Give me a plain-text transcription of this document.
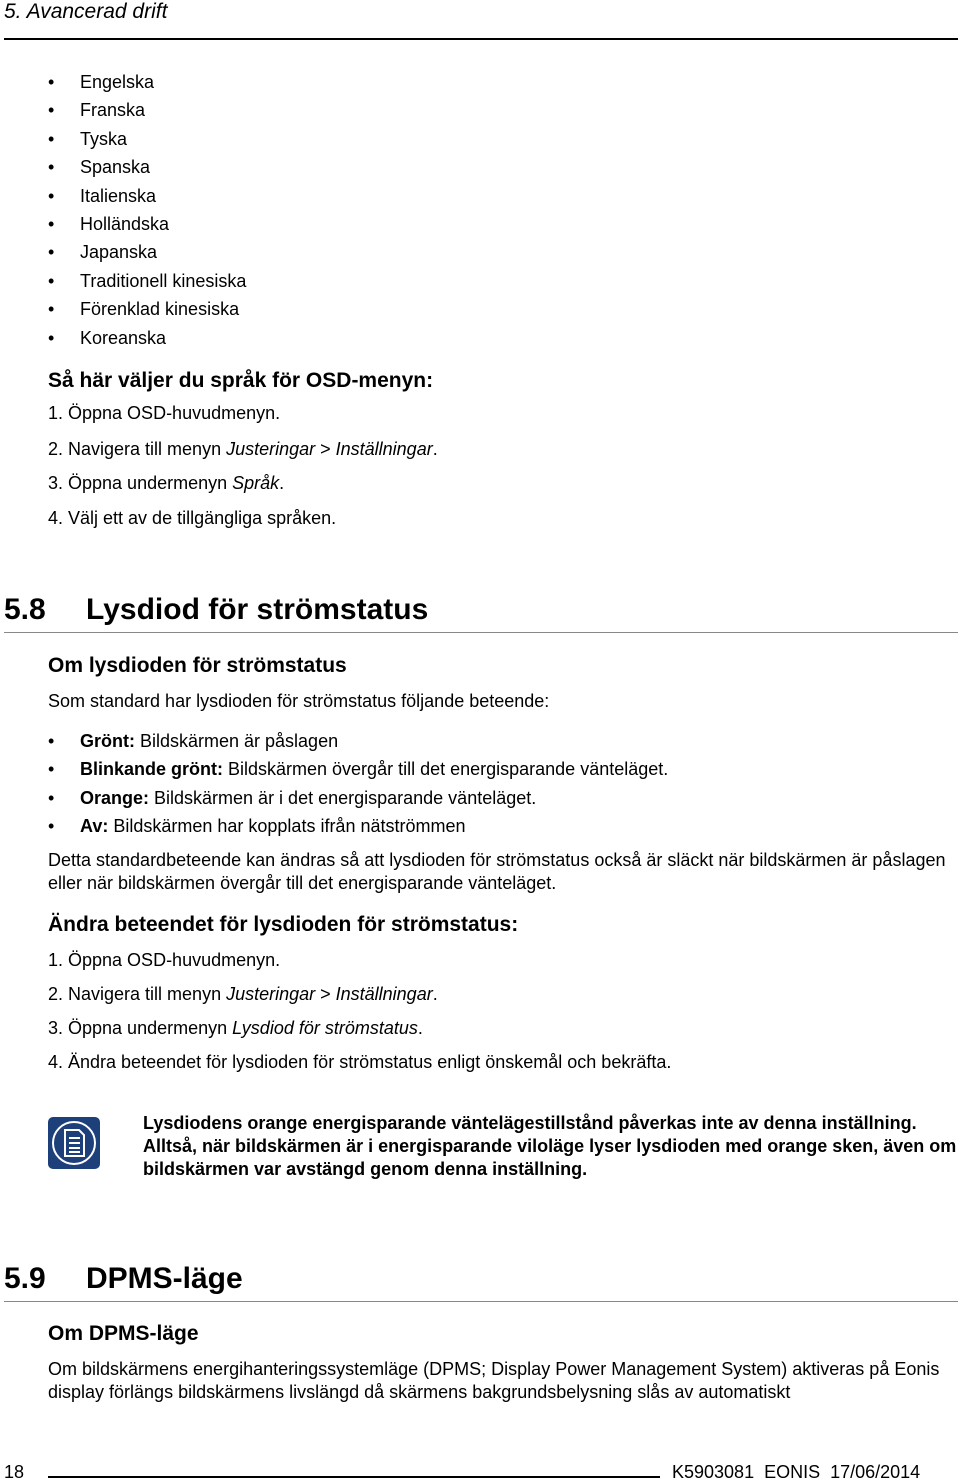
5. Avancerad drift
• Engelska
• Franska
• Tyska
• Spanska
• Italienska
• Holländska
• Japanska
• Traditionell kinesiska
• Förenklad kinesiska
• Koreanska
Så här väljer du språk för OSD-menyn:
1. Öppna OSD-huvudmenyn.
2. Navigera till menyn Justeringar > Inställningar.
3. Öppna undermenyn Språk.
4. Välj ett av de tillgängliga språken.
5.8 Lysdiod för strömstatus
Om lysdioden för strömstatus
Som standard har lysdioden för strömstatus följande beteende:
• Grönt: Bildskärmen är påslagen
• Blinkande grönt: Bildskärmen övergår till det energisparande vänteläget.
• Orange: Bildskärmen är i det energisparande vänteläget.
• Av: Bildskärmen har kopplats ifrån nätströmmen
Detta standardbeteende kan ändras så att lysdioden för strömstatus också är släckt när bildskärmen är påslagen eller när bildskärmen övergår till det energisparande vänteläget.
Ändra beteendet för lysdioden för strömstatus:
1. Öppna OSD-huvudmenyn.
2. Navigera till menyn Justeringar > Inställningar.
3. Öppna undermenyn Lysdiod för strömstatus.
4. Ändra beteendet för lysdioden för strömstatus enligt önskemål och bekräfta.
Lysdiodens orange energisparande väntelägestillstånd påverkas inte av denna inställning. Alltså, när bildskärmen är i energisparande viloläge lyser lysdioden med orange sken, även om bildskärmen var avstängd genom denna inställning.
5.9 DPMS-läge
Om DPMS-läge
Om bildskärmens energihanteringssystemläge (DPMS; Display Power Management System) aktiveras på Eonis display förlängs bildskärmens livslängd då skärmens bakgrundsbelysning slås av automatiskt
18	K5903081  EONIS  17/06/2014
